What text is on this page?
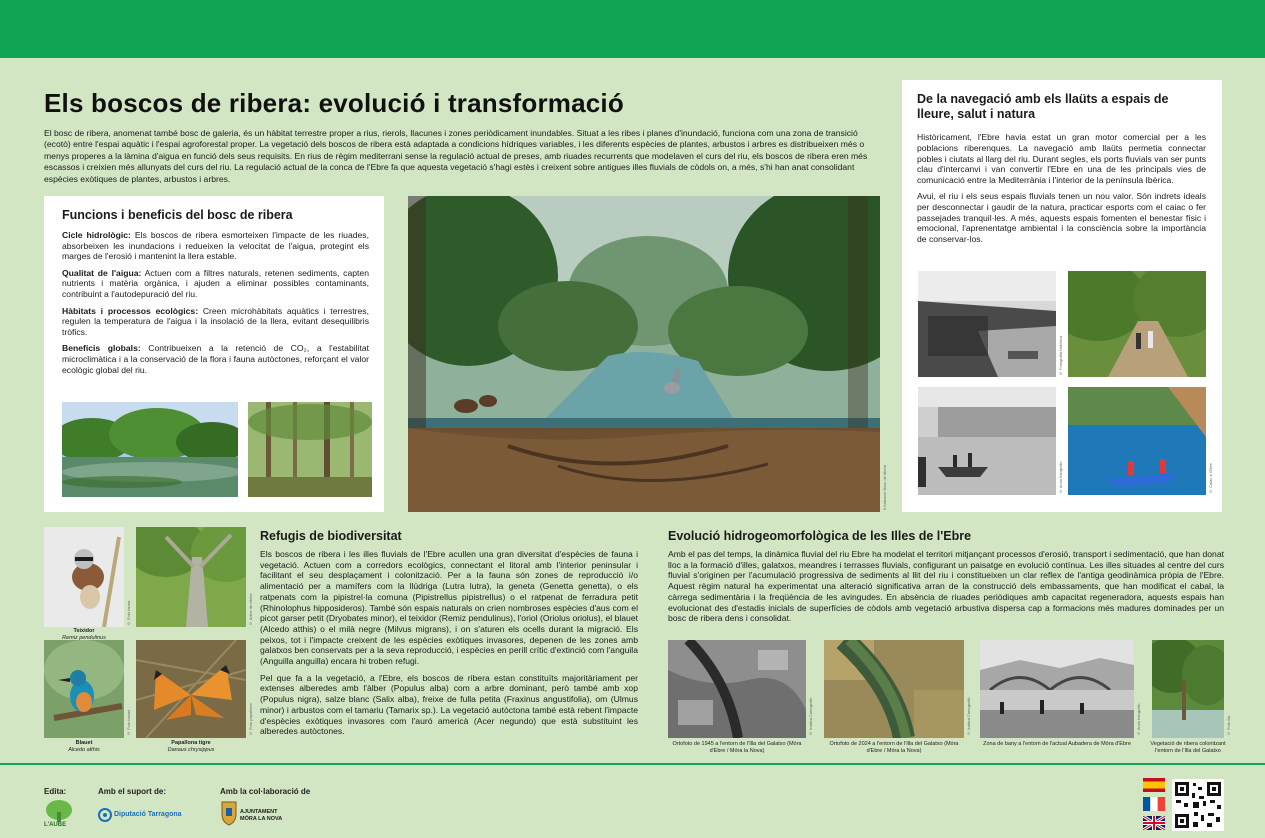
Els boscos de ribera: evolució i transformació

El bosc de ribera, anomenat també bosc de galeria, és un hàbitat terrestre proper a rius, rierols, llacunes i zones periòdicament inundables. Situat a les ribes i planes d'inundació, funciona com una zona de transició (ecotò) entre l'espai aquàtic i l'espai agroforestal proper. La vegetació dels boscos de ribera està adaptada a condicions hídriques variables, i les diferents espècies de plantes, arbustos i arbres es distribueixen més o menys properes a la làmina d'aigua en funció dels seus requisits. En rius de règim mediterrani sense la regulació actual de preses, amb riuades recurrents que modelaven el curs del riu, els boscos de ribera eren més escassos i creixien més allunyats del curs del riu. La regulació actual de la conca de l'Ebre fa que aquesta vegetació s'hagi estès i creixent sobre antigues illes fluvials de còdols on, a més, s'hi han anat consolidant espècies exòtiques de plantes, arbustos i arbres.

Funcions i beneficis del bosc de ribera

Cicle hidrològic: Els boscos de ribera esmorteixen l'impacte de les riuades, absorbeixen les inundacions i redueixen la velocitat de l'aigua, protegint els marges de l'erosió i mantenint la llera estable.

Qualitat de l'aigua: Actuen com a filtres naturals, retenen sediments, capten nutrients i matèria orgànica, i ajuden a eliminar possibles contaminants, contribuint a l'autodepuració del riu.

Hàbitats i processos ecològics: Creen microhàbitats aquàtics i terrestres, regulen la temperatura de l'aigua i la insolació de la llera, evitant desequilibris tròfics.

Beneficis globals: Contribueixen a la retenció de CO₂, a l'estabilitat microclimàtica i a la conservació de la flora i fauna autòctones, reforçant el valor ecològic global del riu.

Il·lustració Bosc de ribera
De la navegació amb els llaüts a espais de lleure, salut i natura

Històricament, l'Ebre havia estat un gran motor comercial per a les poblacions riberenques. La navegació amb llaüts permetia connectar pobles i ciutats al llarg del riu. Durant segles, els ports fluvials van ser punts clau d'intercanvi i van convertir l'Ebre en una de les principals vies de comunicació entre la Mediterrània i l'interior de la península Ibèrica.

Avui, el riu i els seus espais fluvials tenen un nou valor. Són indrets ideals per desconnectar i gaudir de la natura, practicar esports com el caiac o fer passejades tranquil·les. A més, aquests espais fomenten el benestar físic i emocional, l'aprenentatge ambiental i la consciència sobre la importància de conservar-los.

© Fotografia històrica
© Arxiu fotogràfic	© Caiac a l'Ebre
Teixidor
Remiz pendulinus
© Foto fauna	© Arbre de ribera
Blauet
Alcedo atthis
© Foto blauet
Papallona tigre
Danaus chrysippus
© Foto papallona
Refugis de biodiversitat

Els boscos de ribera i les illes fluvials de l'Ebre acullen una gran diversitat d'espècies de fauna i vegetació. Actuen com a corredors ecològics, connectant el litoral amb l'interior peninsular i facilitant el seu desplaçament i colonització. Per a la fauna són zones de reproducció i/o alimentació per a mamífers com la llúdriga (Lutra lutra), la geneta (Genetta genetta), o els ratpenats com la pipistrel·la comuna (Pipistrellus pipistrellus) o el ratpenat de ferradura petit (Rhinolophus hipposideros). També són espais naturals on crien nombroses espècies d'aus com el picot garser petit (Dryobates minor), el teixidor (Remiz pendulinus), l'oriol (Oriolus oriolus), el blauet (Alcedo atthis) o el milà negre (Milvus migrans), i on s'aturen els ocells durant la migració. Els peixos, tot i l'impacte creixent de les espècies exòtiques invasores, depenen de les zones amb galatxos ben conservats per a la seva reproducció, i espècies en perill crític d'extinció com l'anguila (Anguilla anguilla) encara hi troben refugi.

Pel que fa a la vegetació, a l'Ebre, els boscos de ribera estan constituïts majoritàriament per extenses alberedes amb l'àlber (Populus alba) com a arbre dominant, però també amb xop (Populus nigra), salze blanc (Salix alba), freixe de fulla petita (Fraxinus angustifolia), om (Ulmus minor) i arbustos com el tamariu (Tamarix sp.). La vegetació autòctona també està rebent l'impacte d'espècies exòtiques invasores com l'auró americà (Acer negundo) que està substituint les alberedes autòctones.

Evolució hidrogeomorfològica de les Illes de l'Ebre

Amb el pas del temps, la dinàmica fluvial del riu Ebre ha modelat el territori mitjançant processos d'erosió, transport i sedimentació, que han donat lloc a la formació d'illes, galatxos, meandres i terrasses fluvials, configurant un paisatge en evolució contínua. Les illes situades al centre del curs fluvial s'originen per l'acumulació progressiva de sediments al llit del riu i constitueixen un clar reflex de l'antiga geodinàmica pròpia de l'Ebre. Aquest règim natural ha experimentat una alteració significativa arran de la construcció dels embassaments, que han modificat el cabal, la càrrega sedimentària i la freqüència de les avingudes. En absència de riuades periòdiques amb capacitat regeneradora, aquests espais han evolucionat des d'estadis inicials de superfícies de còdols amb vegetació arbustiva dispersa cap a formacions més madures dominades per un bosc de ribera dens i consolidat.

Ortofoto de 1945 a l'entorn de l'Illa del Galatxo (Móra d'Ebre / Móra la Nova)
© Institut Cartogràfic
Ortofoto de 2024 a l'entorn de l'Illa del Galatxo (Móra d'Ebre / Móra la Nova)
© Institut Cartogràfic
Zona de bany a l'entorn de l'actual Aubadera de Móra d'Ebre
© Arxiu fotogràfic
Vegetació de ribera colonitzant l'entorn de l'Illa del Galatxo
© Foto illa
Edita:
L'AUBE
Amb el suport de:
Diputació Tarragona
Amb la col·laboració de
AJUNTAMENT
MÓRA LA NOVA
